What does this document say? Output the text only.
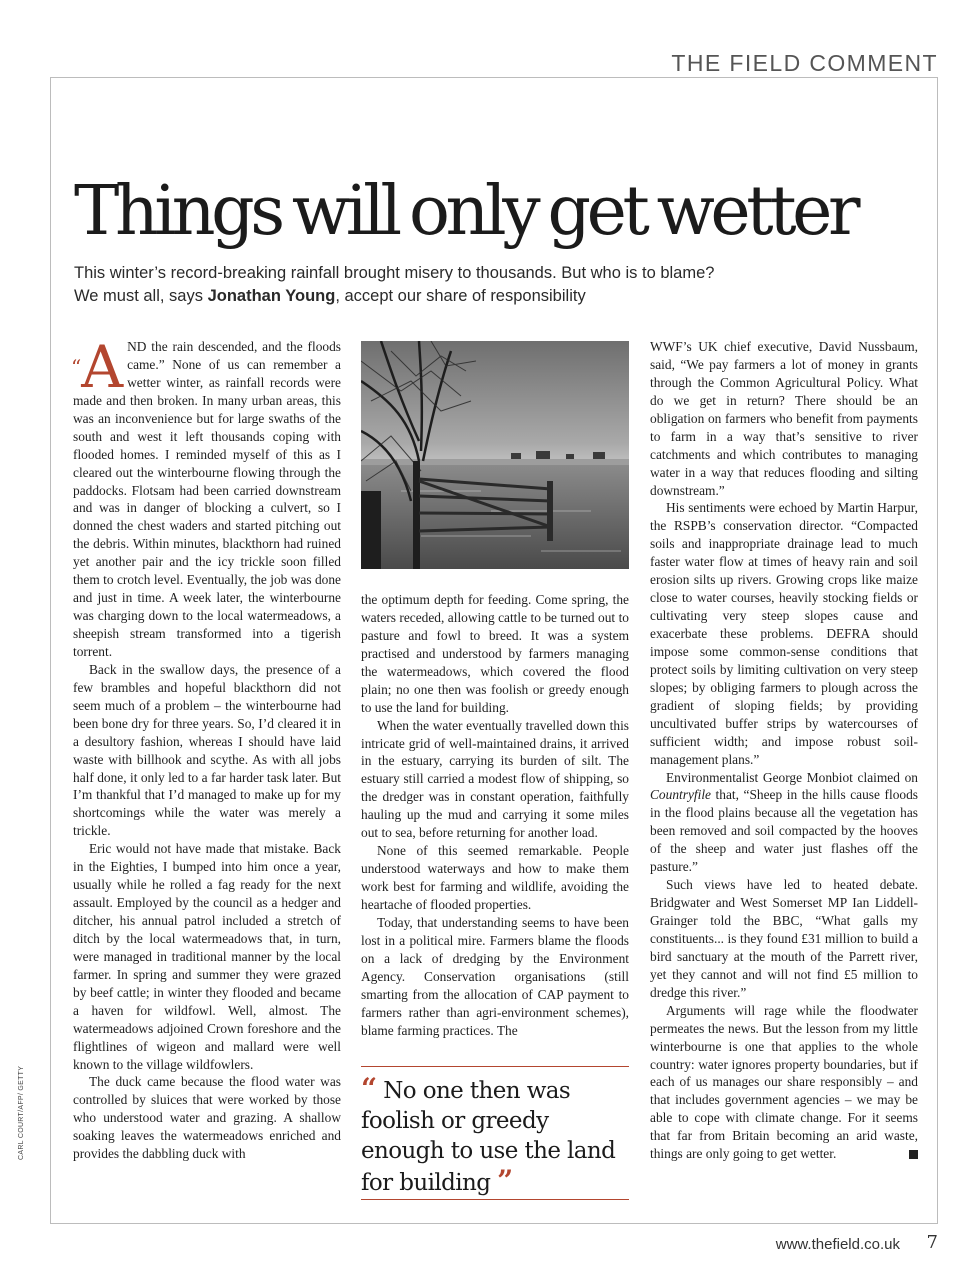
THE FIELD COMMENT
Things will only get wetter
This winter’s record-breaking rainfall brought misery to thousands. But who is to blame? We must all, says Jonathan Young, accept our share of responsibility

“A ND the rain descended, and the floods came.” None of us can remember a wetter winter, as rainfall records were made and then broken. In many urban areas, this was an inconvenience but for large swaths of the south and west it left thousands coping with flooded homes. I reminded myself of this as I cleared out the winterbourne flowing through the paddocks. Flotsam had been carried downstream and was in danger of blocking a culvert, so I donned the chest waders and started pitching out the debris. Within minutes, blackthorn had ruined yet another pair and the icy trickle soon filled them to crotch level. Eventually, the job was done and just in time. A week later, the winterbourne was charging down to the local watermeadows, a sheepish stream transformed into a tigerish torrent.

Back in the swallow days, the presence of a few brambles and hopeful blackthorn did not seem much of a problem – the winterbourne had been bone dry for three years. So, I’d cleared it in a desultory fashion, whereas I should have laid waste with billhook and scythe. As with all jobs half done, it only led to a far harder task later. But I’m thankful that I’d managed to make up for my shortcomings while the water was merely a trickle.

Eric would not have made that mistake. Back in the Eighties, I bumped into him once a year, usually while he rolled a fag ready for the next assault. Employed by the council as a hedger and ditcher, his annual patrol included a stretch of ditch by the local watermeadows that, in turn, were managed in traditional manner by the local farmer. In spring and summer they were grazed by beef cattle; in winter they flooded and became a haven for wildfowl. Well, almost. The watermeadows adjoined Crown foreshore and the flightlines of wigeon and mallard were well known to the village wildfowlers.

The duck came because the flood water was controlled by sluices that were worked by those who understood water and grazing. A shallow soaking leaves the watermeadows enriched and provides the dabbling duck with

the optimum depth for feeding. Come spring, the waters receded, allowing cattle to be turned out to pasture and fowl to breed. It was a system practised and understood by farmers managing the watermeadows, which covered the flood plain; no one then was foolish or greedy enough to use the land for building.

When the water eventually travelled down this intricate grid of well-maintained drains, it arrived in the estuary, carrying its burden of silt. The estuary still carried a modest flow of shipping, so the dredger was in constant operation, faithfully hauling up the mud and carrying it some miles out to sea, before returning for another load.

None of this seemed remarkable. People understood waterways and how to make them work best for farming and wildlife, avoiding the heartache of flooded properties.

Today, that understanding seems to have been lost in a political mire. Farmers blame the floods on a lack of dredging by the Environment Agency. Conservation organisations (still smarting from the allocation of CAP payment to farmers rather than agri-environment schemes), blame farming practices. The

“ No one then was foolish or greedy enough to use the land for building ”

WWF’s UK chief executive, David Nussbaum, said, “We pay farmers a lot of money in grants through the Common Agricultural Policy. What do we get in return? There should be an obligation on farmers who benefit from payments to farm in a way that’s sensitive to river catchments and which contributes to managing water in a way that reduces flooding and silting downstream.”

His sentiments were echoed by Martin Harpur, the RSPB’s conservation director. “Compacted soils and inappropriate drainage lead to much faster water flow at times of heavy rain and soil erosion silts up rivers. Growing crops like maize close to water courses, heavily stocking fields or cultivating very steep slopes cause and exacerbate these problems. DEFRA should impose some common-sense conditions that protect soils by limiting cultivation on very steep slopes; by obliging farmers to plough across the gradient of sloping fields; by providing uncultivated buffer strips by watercourses of sufficient width; and impose robust soil-management plans.”

Environmentalist George Monbiot claimed on Countryfile that, “Sheep in the hills cause floods in the flood plains because all the vegetation has been removed and soil compacted by the hooves of the sheep and water just flashes off the pasture.”

Such views have led to heated debate. Bridgwater and West Somerset MP Ian Liddell-Grainger told the BBC, “What galls my constituents... is they found £31 million to build a bird sanctuary at the mouth of the Parrett river, yet they cannot and will not find £5 million to dredge this river.”

Arguments will rage while the floodwater permeates the news. But the lesson from my little winterbourne is one that applies to the whole country: water ignores property boundaries, but if each of us manages our share responsibly – and that includes government agencies – we may be able to cope with climate change. For it seems that far from Britain becoming an arid waste, things are only going to get wetter.

CARL COURT/AFP/ GETTY
www.thefield.co.uk 7
